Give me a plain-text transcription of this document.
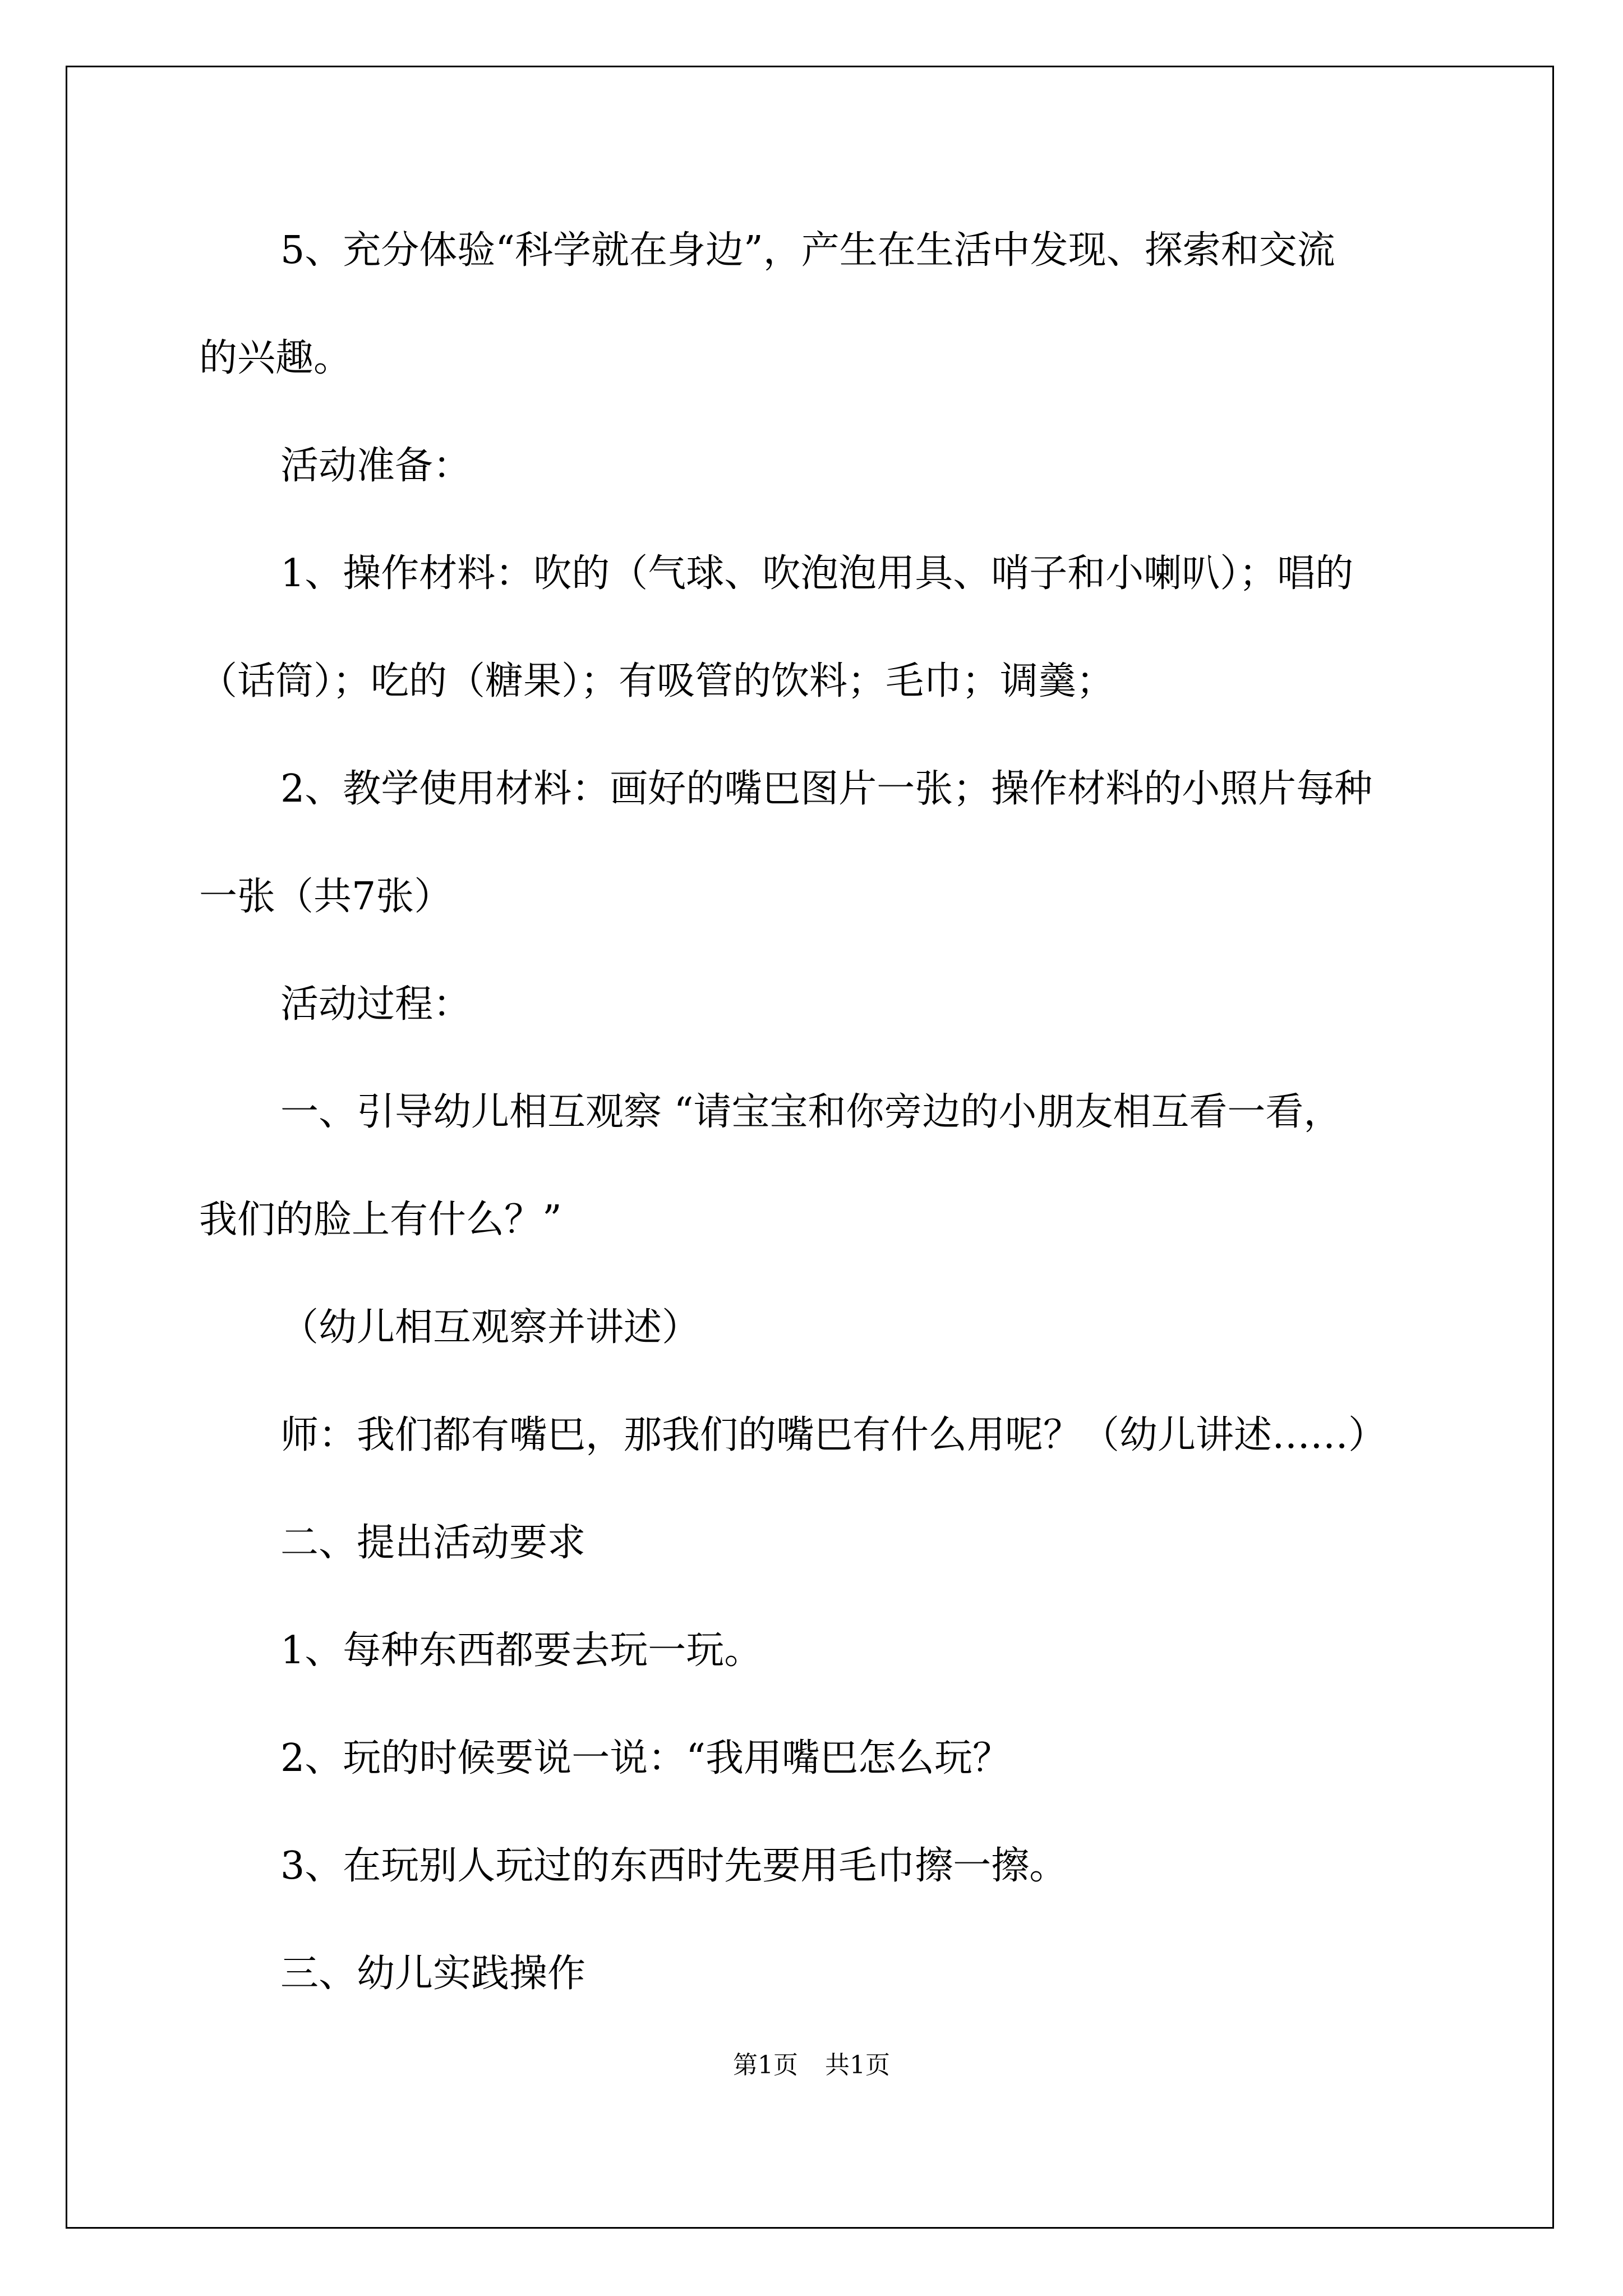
5、充分体验“科学就在身边”，产生在生活中发现、探索和交流
的兴趣。
活动准备：
1、操作材料：吹的（气球、吹泡泡用具、哨子和小喇叭）；唱的
（话筒）；吃的（糖果）；有吸管的饮料；毛巾；调羹；
2、教学使用材料：画好的嘴巴图片一张；操作材料的小照片每种
一张（共7张）
活动过程：
一、引导幼儿相互观察 “请宝宝和你旁边的小朋友相互看一看，
我们的脸上有什么？”
（幼儿相互观察并讲述）
师：我们都有嘴巴，那我们的嘴巴有什么用呢？（幼儿讲述……）
二、提出活动要求
1、每种东西都要去玩一玩。
2、玩的时候要说一说：“我用嘴巴怎么玩？
3、在玩别人玩过的东西时先要用毛巾擦一擦。
三、幼儿实践操作
第1页 共1页
